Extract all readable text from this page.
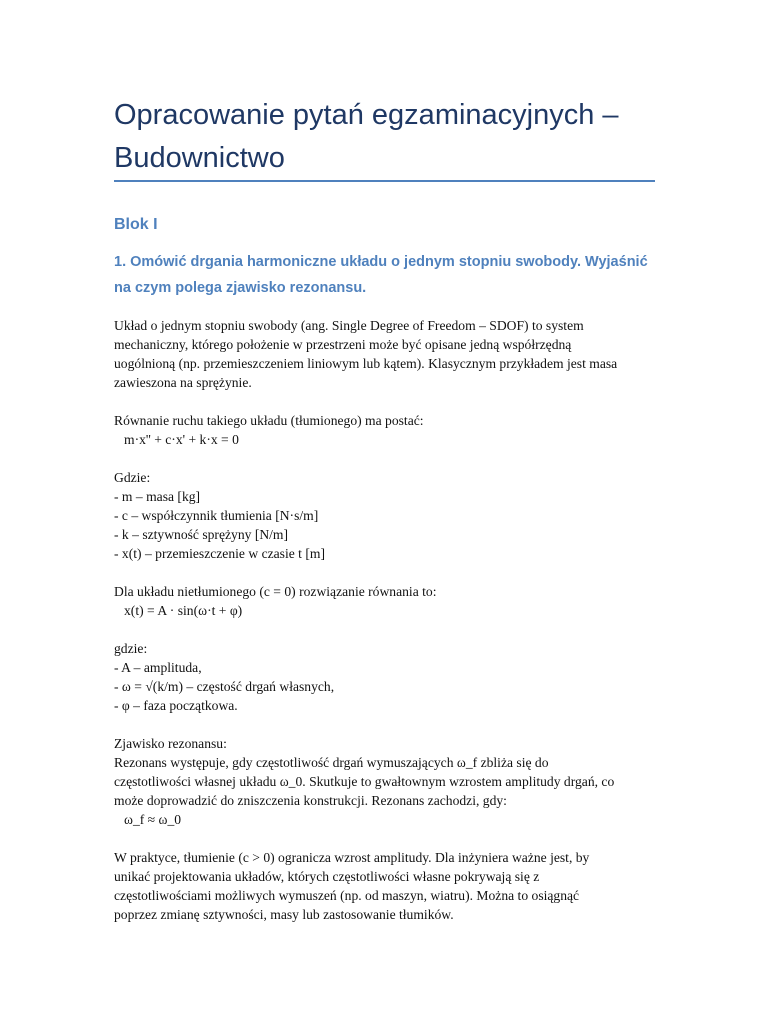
Opracowanie pytań egzaminacyjnych –
Budownictwo
Blok I
1. Omówić drgania harmoniczne układu o jednym stopniu swobody. Wyjaśnić
na czym polega zjawisko rezonansu.

Układ o jednym stopniu swobody (ang. Single Degree of Freedom – SDOF) to system
mechaniczny, którego położenie w przestrzeni może być opisane jedną współrzędną
uogólnioną (np. przemieszczeniem liniowym lub kątem). Klasycznym przykładem jest masa
zawieszona na sprężynie.

Równanie ruchu takiego układu (tłumionego) ma postać:
m·x'' + c·x' + k·x = 0

Gdzie:
- m – masa [kg]
- c – współczynnik tłumienia [N·s/m]
- k – sztywność sprężyny [N/m]
- x(t) – przemieszczenie w czasie t [m]

Dla układu nietłumionego (c = 0) rozwiązanie równania to:
x(t) = A · sin(ω·t + φ)

gdzie:
- A – amplituda,
- ω = √(k/m) – częstość drgań własnych,
- φ – faza początkowa.

Zjawisko rezonansu:
Rezonans występuje, gdy częstotliwość drgań wymuszających ω_f zbliża się do
częstotliwości własnej układu ω_0. Skutkuje to gwałtownym wzrostem amplitudy drgań, co
może doprowadzić do zniszczenia konstrukcji. Rezonans zachodzi, gdy:
ω_f ≈ ω_0

W praktyce, tłumienie (c > 0) ogranicza wzrost amplitudy. Dla inżyniera ważne jest, by
unikać projektowania układów, których częstotliwości własne pokrywają się z
częstotliwościami możliwych wymuszeń (np. od maszyn, wiatru). Można to osiągnąć
poprzez zmianę sztywności, masy lub zastosowanie tłumików.
